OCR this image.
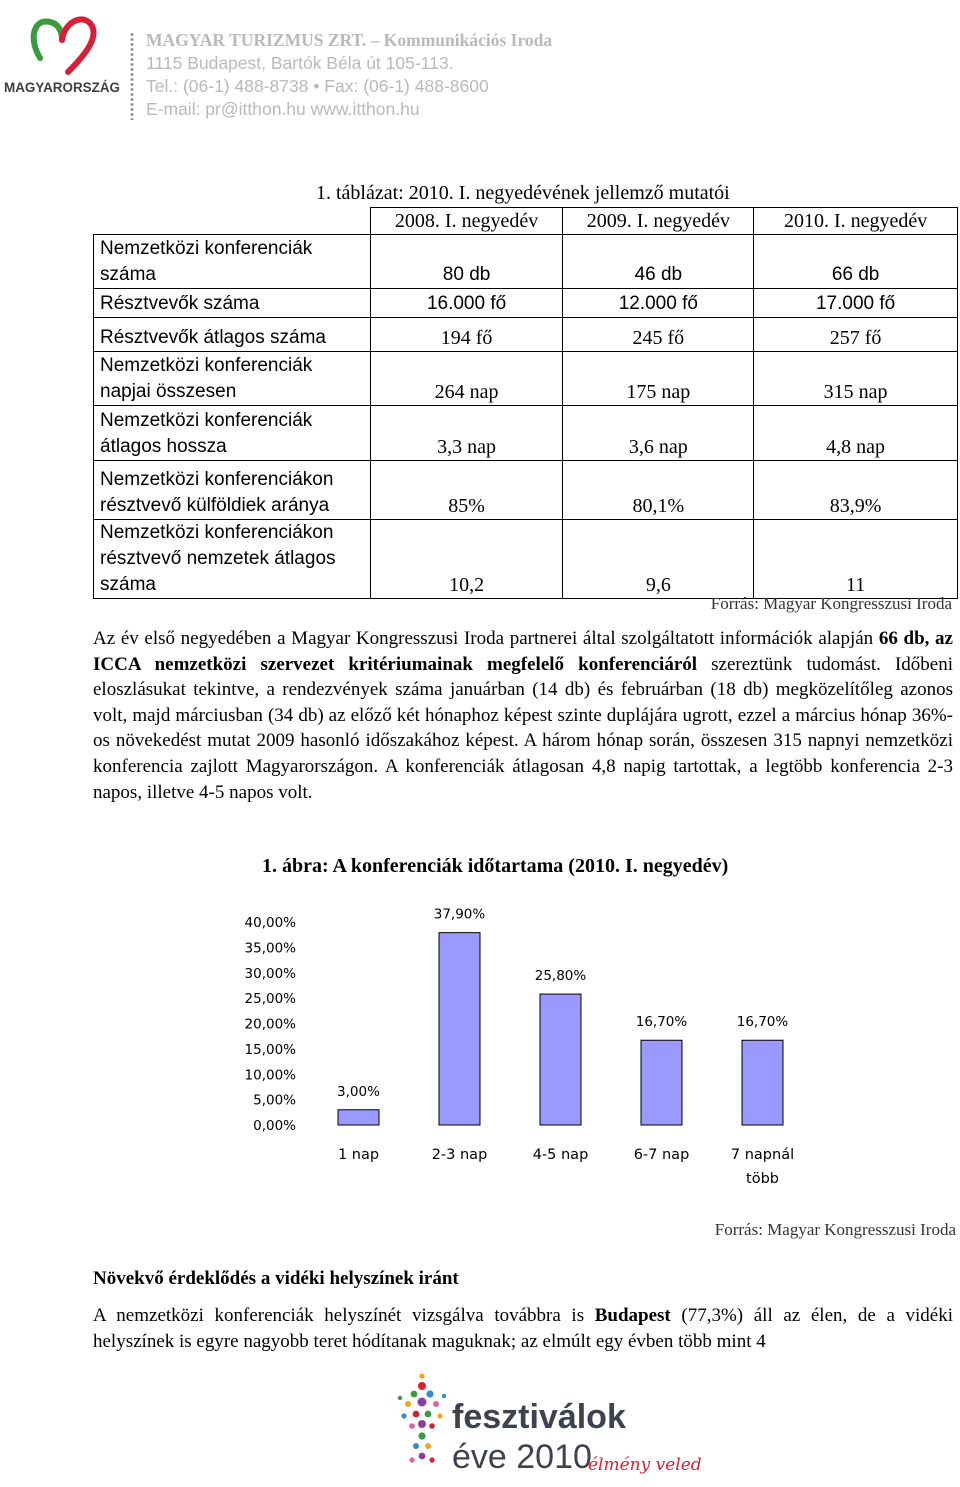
MAGYARORSZÁG
MAGYAR TURIZMUS ZRT. – Kommunikációs Iroda
1115 Budapest, Bartók Béla út 105-113.
Tel.: (06-1) 488-8738 • Fax: (06-1) 488-8600
E-mail: pr@itthon.hu www.itthon.hu
1. táblázat: 2010. I. negyedévének jellemző mutatói
	2008. I. negyedév	2009. I. negyedév	2010. I. negyedév
Nemzetközi konferenciák száma	80 db	46 db	66 db
Résztvevők száma	16.000 fő	12.000 fő	17.000 fő
Résztvevők átlagos száma	194 fő	245 fő	257 fő
Nemzetközi konferenciák napjai összesen	264 nap	175 nap	315 nap
Nemzetközi konferenciák átlagos hossza	3,3 nap	3,6 nap	4,8 nap
Nemzetközi konferenciákon résztvevő külföldiek aránya	85%	80,1%	83,9%
Nemzetközi konferenciákon résztvevő nemzetek átlagos száma	10,2	9,6	11
Forrás: Magyar Kongresszusi Iroda

Az év első negyedében a Magyar Kongresszusi Iroda partnerei által szolgáltatott információk alapján 66 db, az ICCA nemzetközi szervezet kritériumainak megfelelő konferenciáról szereztünk tudomást. Időbeni eloszlásukat tekintve, a rendezvények száma januárban (14 db) és februárban (18 db) megközelítőleg azonos volt, majd márciusban (34 db) az előző két hónaphoz képest szinte duplájára ugrott, ezzel a március hónap 36%-os növekedést mutat 2009 hasonló időszakához képest. A három hónap során, összesen 315 napnyi nemzetközi konferencia zajlott Magyarországon. A konferenciák átlagosan 4,8 napig tartottak, a legtöbb konferencia 2-3 napos, illetve 4-5 napos volt.

1. ábra: A konferenciák időtartama (2010. I. negyedév)
0,00%
5,00%
10,00%
15,00%
20,00%
25,00%
30,00%
35,00%
40,00%
3,00%
37,90%
25,80%
16,70%	16,70%
1 nap	2-3 nap	4-5 nap	6-7 nap	7 napnál több
Forrás: Magyar Kongresszusi Iroda
Növekvő érdeklődés a vidéki helyszínek iránt

A nemzetközi konferenciák helyszínét vizsgálva továbbra is Budapest (77,3%) áll az élen, de a vidéki helyszínek is egyre nagyobb teret hódítanak maguknak; az elmúlt egy évben több mint 4

fesztiválok
éve 2010
élmény veled
